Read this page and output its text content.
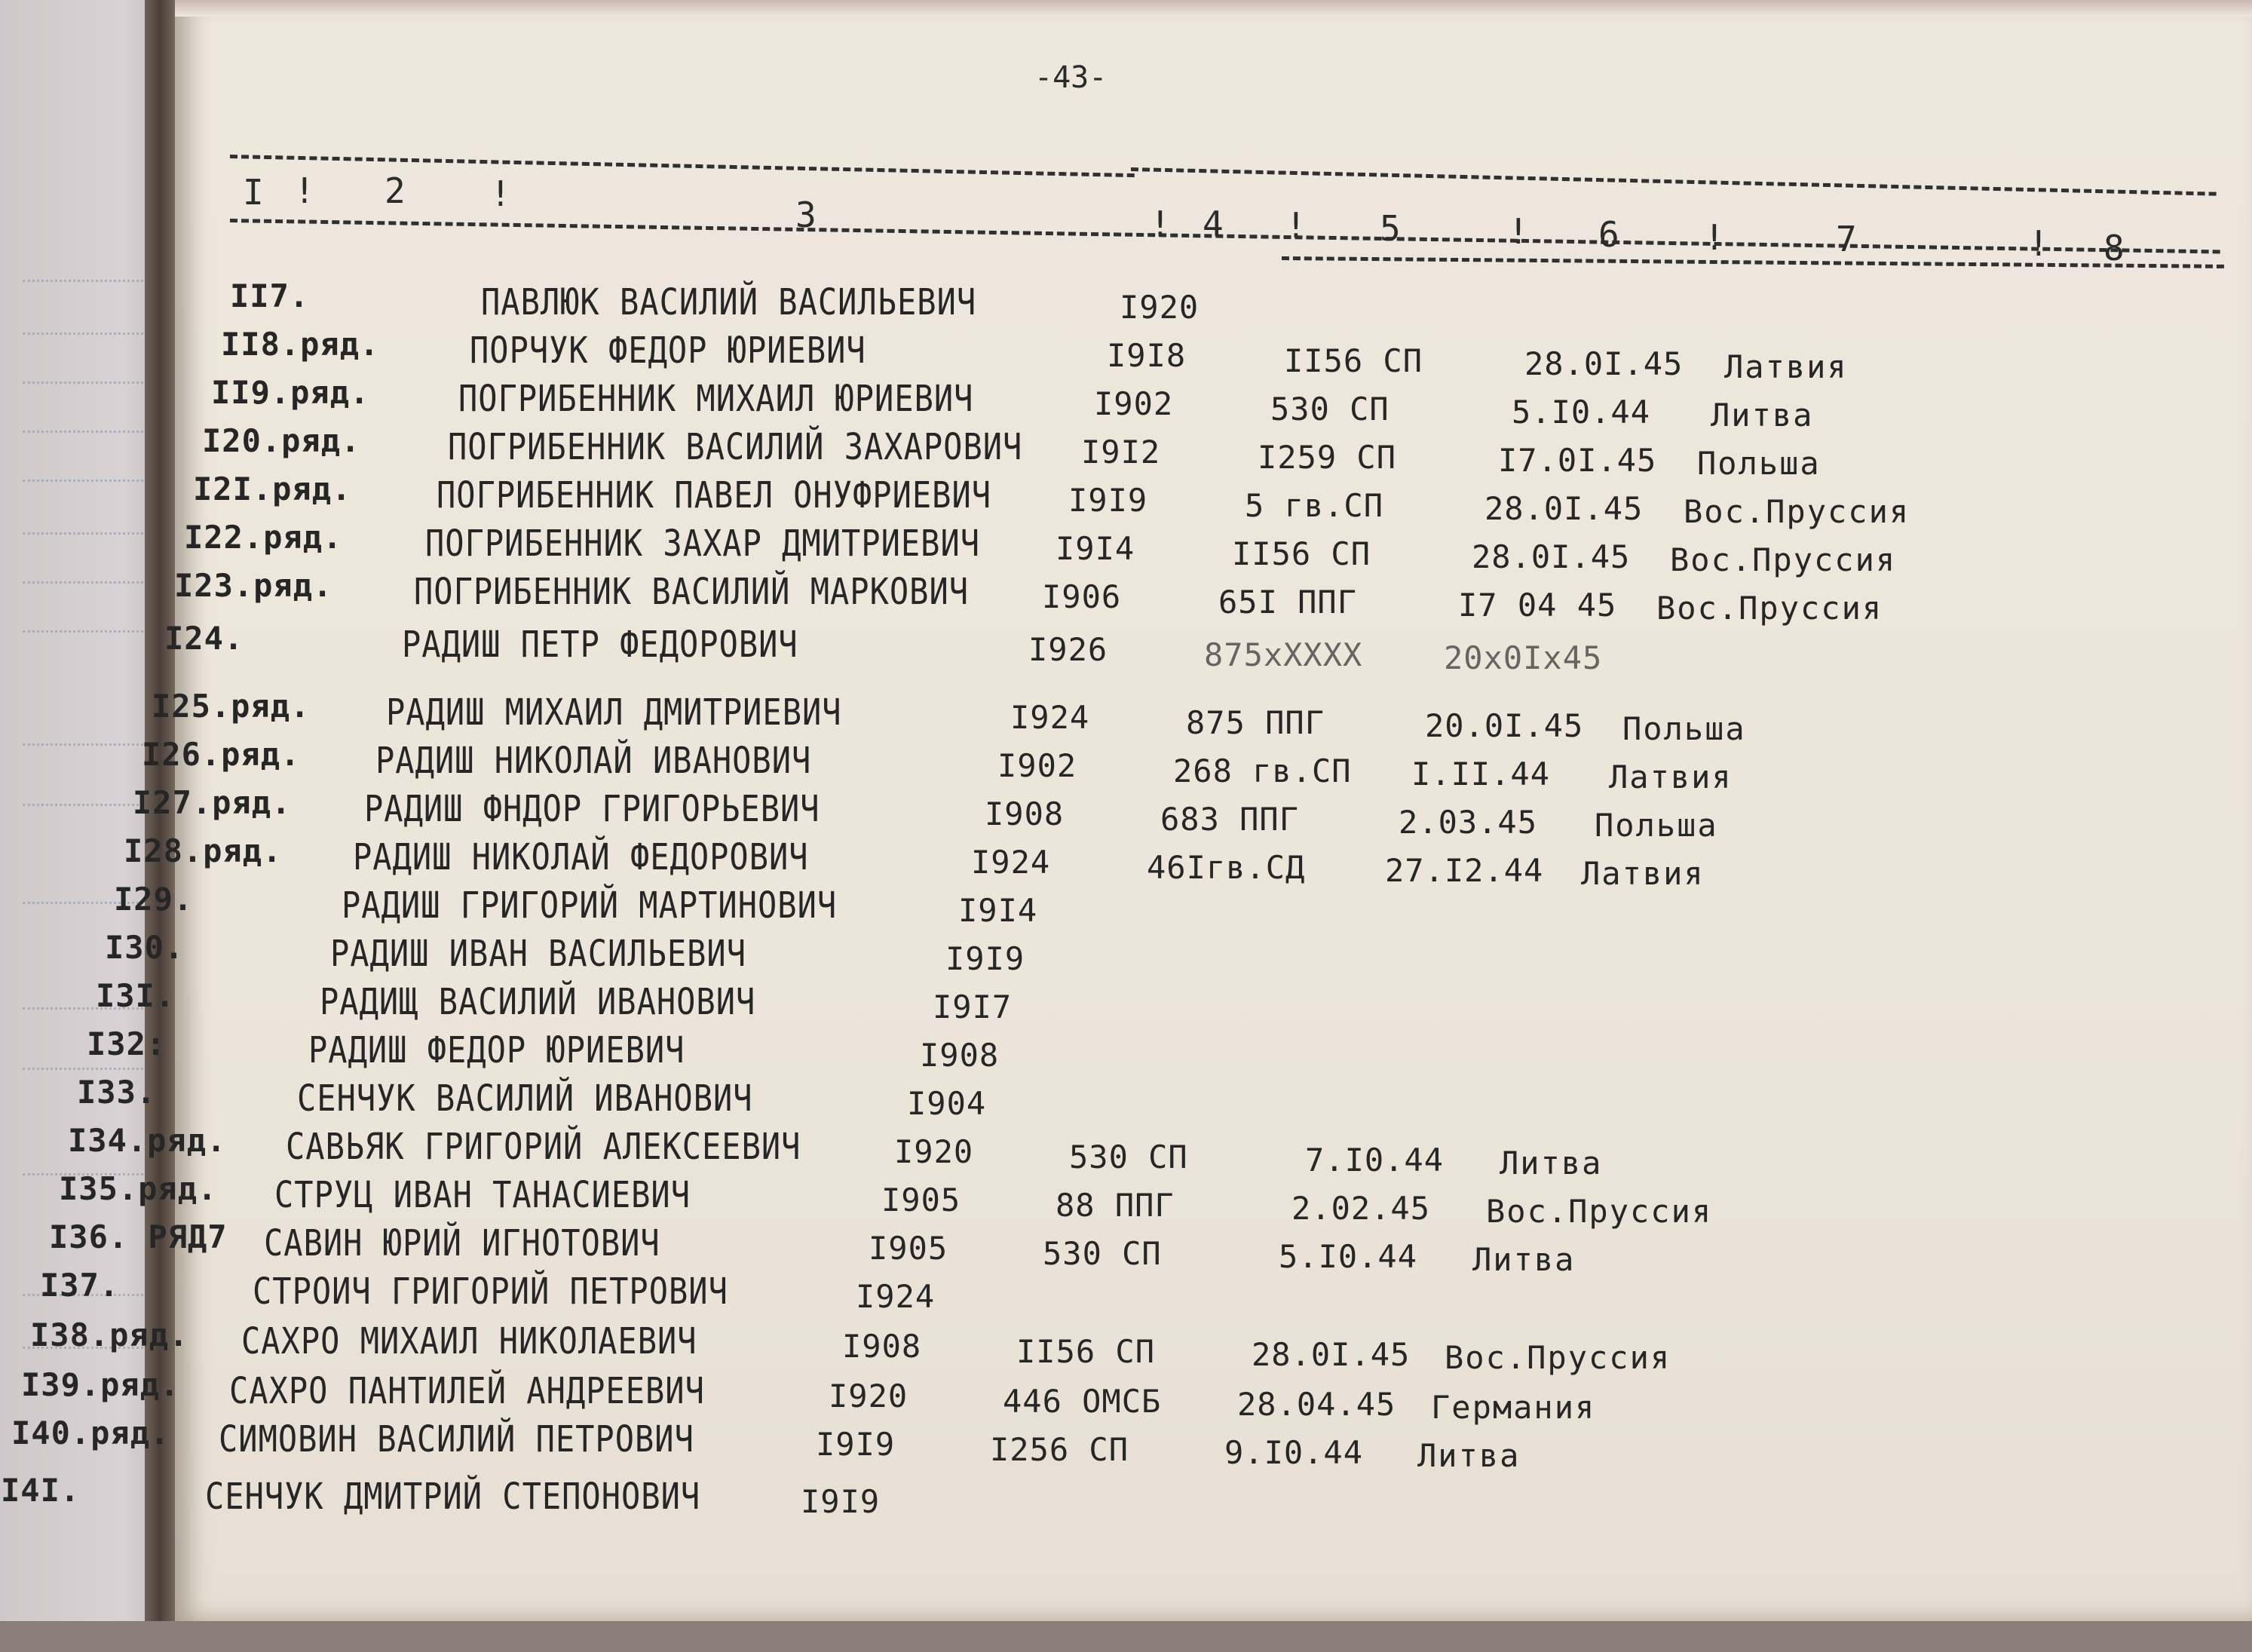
-43-
I ! 2 !
3	! 4 ! 5	! 6 !	7	! 8
II7.	ПАВЛЮК ВАСИЛИЙ ВАСИЛЬЕВИЧ	I920
II8.ряд.	ПОРЧУК ФЕДОР ЮРИЕВИЧ	I9I8	II56 СП	28.0I.45 Латвия
II9.ряд.	ПОГРИБЕННИК МИХАИЛ ЮРИЕВИЧ	I902	530 СП	5.I0.44 Литва
I20.ряд.	ПОГРИБЕННИК ВАСИЛИЙ ЗАХАРОВИЧ I9I2	I259 СП	I7.0I.45 Польша
I2I.ряд.	ПОГРИБЕННИК ПАВЕЛ ОНУФРИЕВИЧ I9I9	5 гв.СП	28.0I.45 Вос.Пруссия
I22.ряд.	ПОГРИБЕННИК ЗАХАР ДМИТРИЕВИЧ I9I4	II56 СП	28.0I.45 Вос.Пруссия
I23.ряд.	ПОГРИБЕННИК ВАСИЛИЙ МАРКОВИЧ I906	65I ППГ	I7 04 45 Вос.Пруссия
I24.	РАДИШ ПЕТР ФЕДОРОВИЧ	I926	875xXXXX	20x0Ix45
I25.ряд. РАДИШ МИХАИЛ ДМИТРИЕВИЧ	I924	875 ППГ	20.0I.45 Польша
I26.ряд. РАДИШ НИКОЛАЙ ИВАНОВИЧ	I902	268 гв.СП I.II.44 Латвия
I27.ряд. РАДИШ ФНДОР ГРИГОРЬЕВИЧ	I908	683 ППГ	2.03.45 Польша
I28.ряд. РАДИШ НИКОЛАЙ ФЕДОРОВИЧ	I924	46Iгв.СД	27.I2.44 Латвия
I29.	РАДИШ ГРИГОРИЙ МАРТИНОВИЧ	I9I4
I30.	РАДИШ ИВАН ВАСИЛЬЕВИЧ	I9I9
I3I.	РАДИЩ ВАСИЛИЙ ИВАНОВИЧ	I9I7
I32:	РАДИШ ФЕДОР ЮРИЕВИЧ	I908
I33.	СЕНЧУК ВАСИЛИЙ ИВАНОВИЧ	I904
I34.ряд. САВЬЯК ГРИГОРИЙ АЛЕКСЕЕВИЧ	I920	530 СП	7.I0.44 Литва
I35.ряд. СТРУЦ ИВАН ТАНАСИЕВИЧ	I905	88 ППГ	2.02.45 Вос.Пруссия
I36. РЯД7 САВИН ЮРИЙ ИГНОТОВИЧ	I905	530 СП	5.I0.44 Литва
I37.	СТРОИЧ ГРИГОРИЙ ПЕТРОВИЧ	I924
I38.ряд. САХРО МИХАИЛ НИКОЛАЕВИЧ	I908	II56 СП	28.0I.45 Вос.Пруссия
I39.ряд. САХРО ПАНТИЛЕЙ АНДРЕЕВИЧ	I920	446 ОМСБ 28.04.45 Германия
I40.ряд. СИМОВИН ВАСИЛИЙ ПЕТРОВИЧ	I9I9	I256 СП	9.I0.44 Литва
I4I.	СЕНЧУК ДМИТРИЙ СТЕПОНОВИЧ	I9I9
